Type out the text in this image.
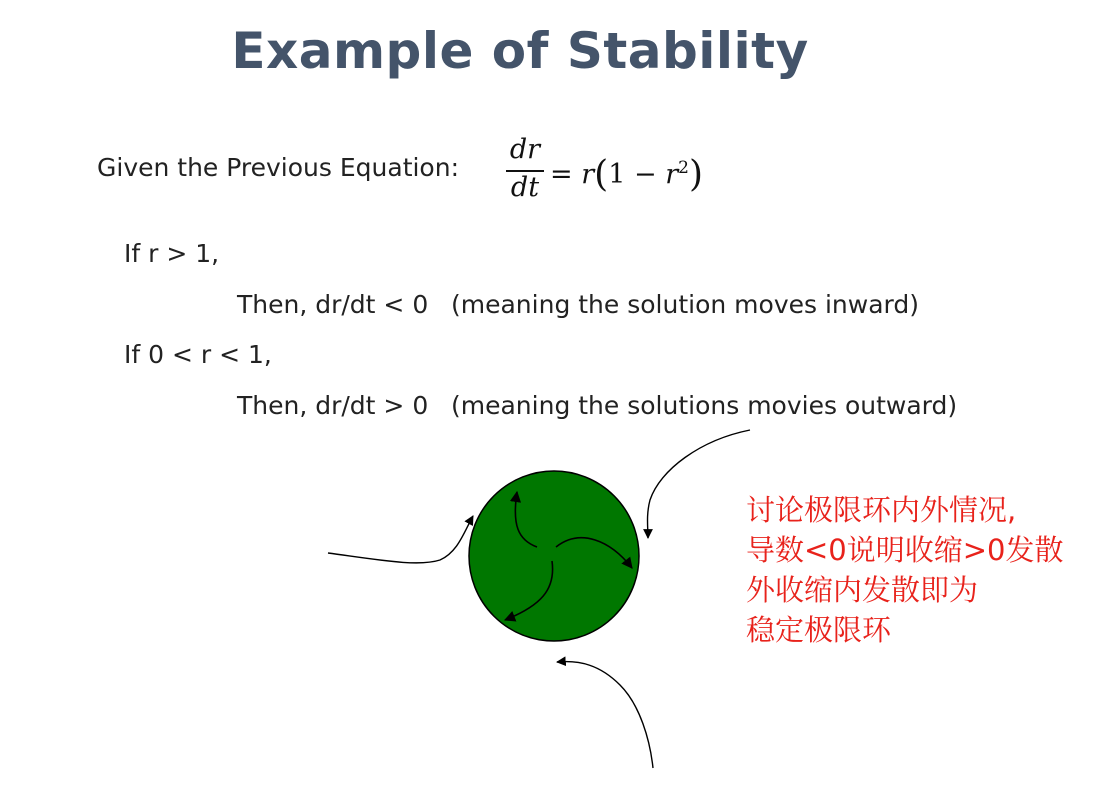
Example of Stability
Given the Previous Equation:
dr
dt = $r(1 - r^2)$
If r > 1,
Then, dr/dt < 0 (meaning the solution moves inward)
If 0 < r < 1,
Then, dr/dt > 0 (meaning the solutions movies outward)
讨论极限环内外情况,
导数<0说明收缩>0发散
外收缩内发散即为
稳定极限环
